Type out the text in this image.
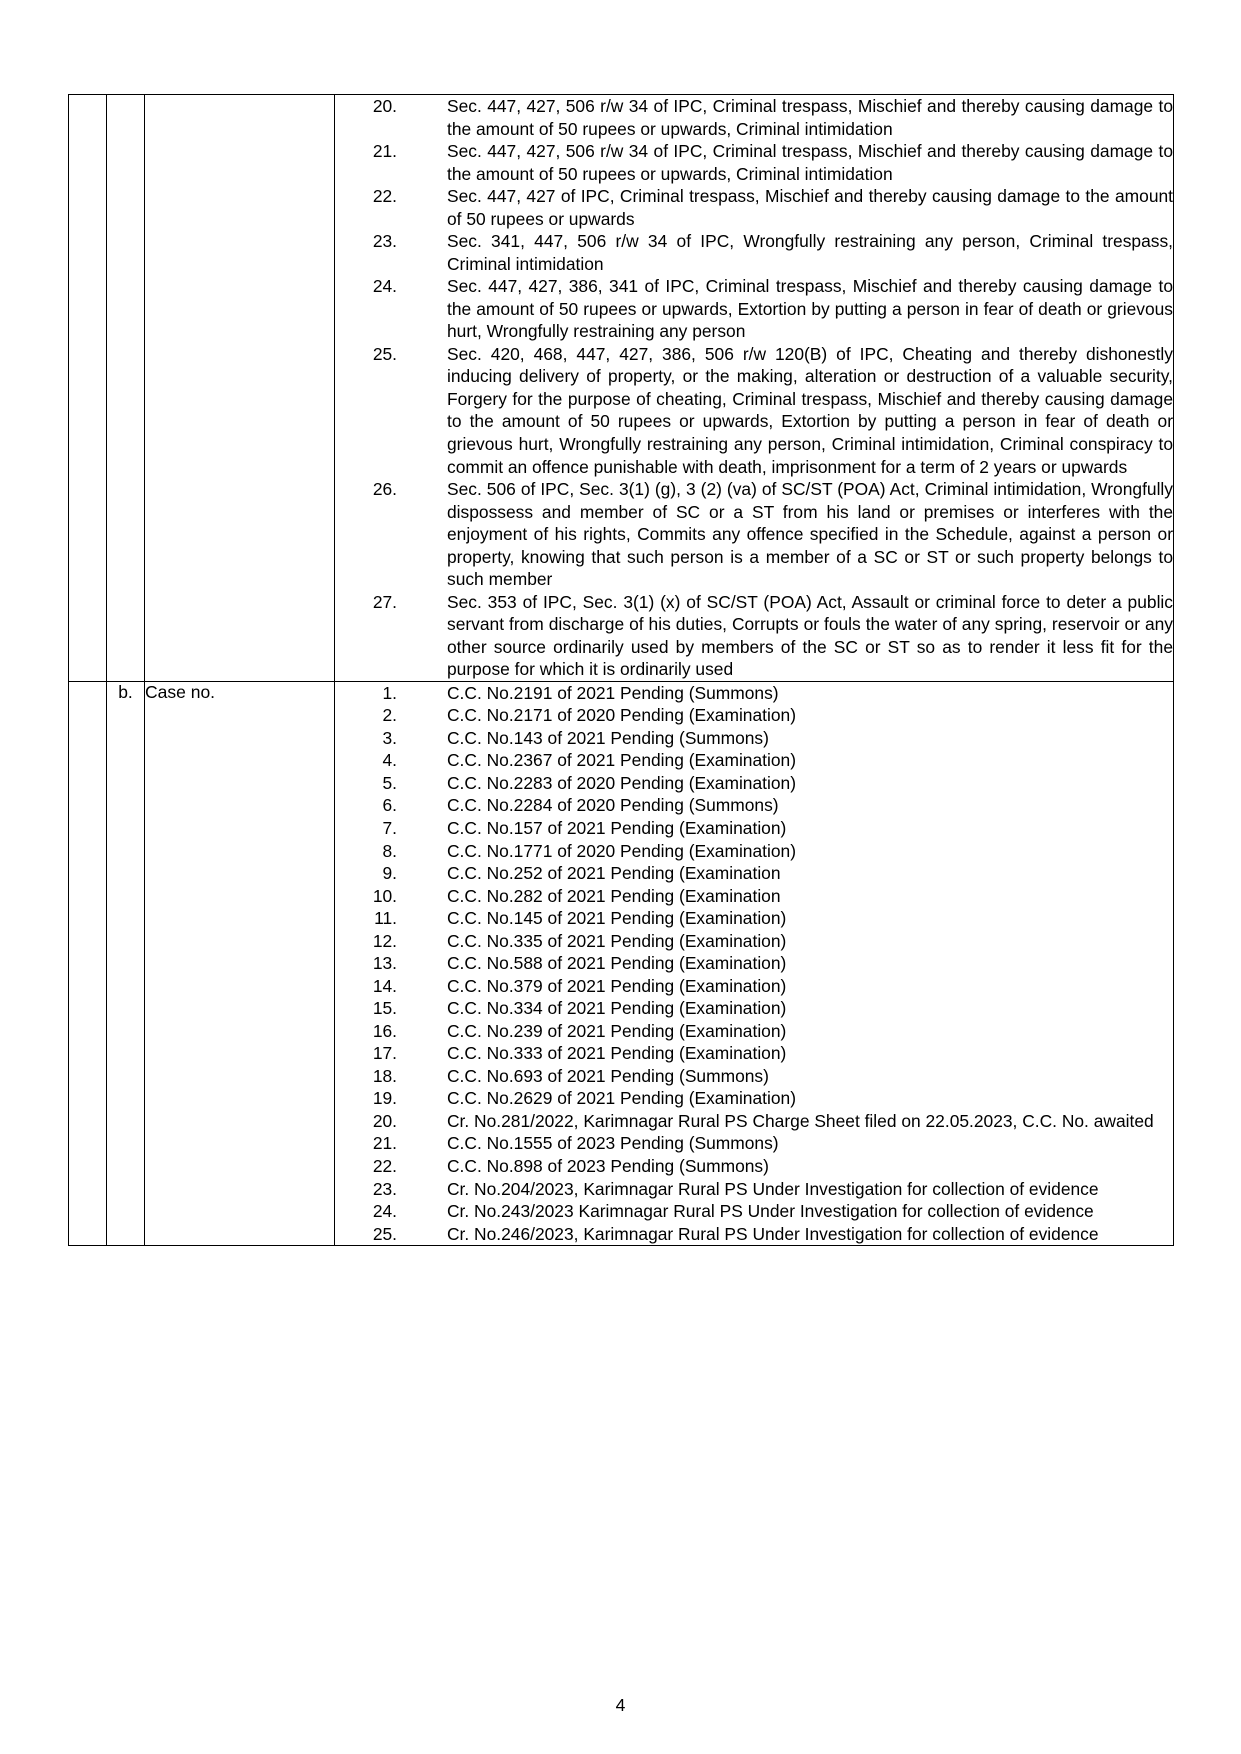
20.	Sec. 447, 427, 506 r/w 34 of IPC, Criminal trespass, Mischief and thereby causing damage to the amount of 50 rupees or upwards, Criminal intimidation
21.	Sec. 447, 427, 506 r/w 34 of IPC, Criminal trespass, Mischief and thereby causing damage to the amount of 50 rupees or upwards, Criminal intimidation
22.	Sec. 447, 427 of IPC, Criminal trespass, Mischief and thereby causing damage to the amount of 50 rupees or upwards
23.	Sec. 341, 447, 506 r/w 34 of IPC, Wrongfully restraining any person, Criminal trespass, Criminal intimidation
24.	Sec. 447, 427, 386, 341 of IPC, Criminal trespass, Mischief and thereby causing damage to the amount of 50 rupees or upwards, Extortion by putting a person in fear of death or grievous hurt, Wrongfully restraining any person
25.	Sec. 420, 468, 447, 427, 386, 506 r/w 120(B) of IPC, Cheating and thereby dishonestly inducing delivery of property, or the making, alteration or destruction of a valuable security, Forgery for the purpose of cheating, Criminal trespass, Mischief and thereby causing damage to the amount of 50 rupees or upwards, Extortion by putting a person in fear of death or grievous hurt, Wrongfully restraining any person, Criminal intimidation, Criminal conspiracy to commit an offence punishable with death, imprisonment for a term of 2 years or upwards
26.	Sec. 506 of IPC, Sec. 3(1) (g), 3 (2) (va) of SC/ST (POA) Act, Criminal intimidation, Wrongfully dispossess and member of SC or a ST from his land or premises or interferes with the enjoyment of his rights, Commits any offence specified in the Schedule, against a person or property, knowing that such person is a member of a SC or ST or such property belongs to such member
27.	Sec. 353 of IPC, Sec. 3(1) (x) of SC/ST (POA) Act, Assault or criminal force to deter a public servant from discharge of his duties, Corrupts or fouls the water of any spring, reservoir or any other source ordinarily used by members of the SC or ST so as to render it less fit for the purpose for which it is ordinarily used

	b.	Case no.	1.	C.C. No.2191 of 2021 Pending (Summons)
2.	C.C. No.2171 of 2020 Pending (Examination)
3.	C.C. No.143 of 2021 Pending (Summons)
4.	C.C. No.2367 of 2021 Pending (Examination)
5.	C.C. No.2283 of 2020 Pending (Examination)
6.	C.C. No.2284 of 2020 Pending (Summons)
7.	C.C. No.157 of 2021 Pending (Examination)
8.	C.C. No.1771 of 2020 Pending (Examination)
9.	C.C. No.252 of 2021 Pending (Examination
10.	C.C. No.282 of 2021 Pending (Examination
11.	C.C. No.145 of 2021 Pending (Examination)
12.	C.C. No.335 of 2021 Pending (Examination)
13.	C.C. No.588 of 2021 Pending (Examination)
14.	C.C. No.379 of 2021 Pending (Examination)
15.	C.C. No.334 of 2021 Pending (Examination)
16.	C.C. No.239 of 2021 Pending (Examination)
17.	C.C. No.333 of 2021 Pending (Examination)
18.	C.C. No.693 of 2021 Pending (Summons)
19.	C.C. No.2629 of 2021 Pending (Examination)
20.	Cr. No.281/2022, Karimnagar Rural PS Charge Sheet filed on 22.05.2023, C.C. No. awaited
21.	C.C. No.1555 of 2023 Pending (Summons)
22.	C.C. No.898 of 2023 Pending (Summons)
23.	Cr. No.204/2023, Karimnagar Rural PS Under Investigation for collection of evidence
24.	Cr. No.243/2023 Karimnagar Rural PS Under Investigation for collection of evidence
25.	Cr. No.246/2023, Karimnagar Rural PS Under Investigation for collection of evidence
4
